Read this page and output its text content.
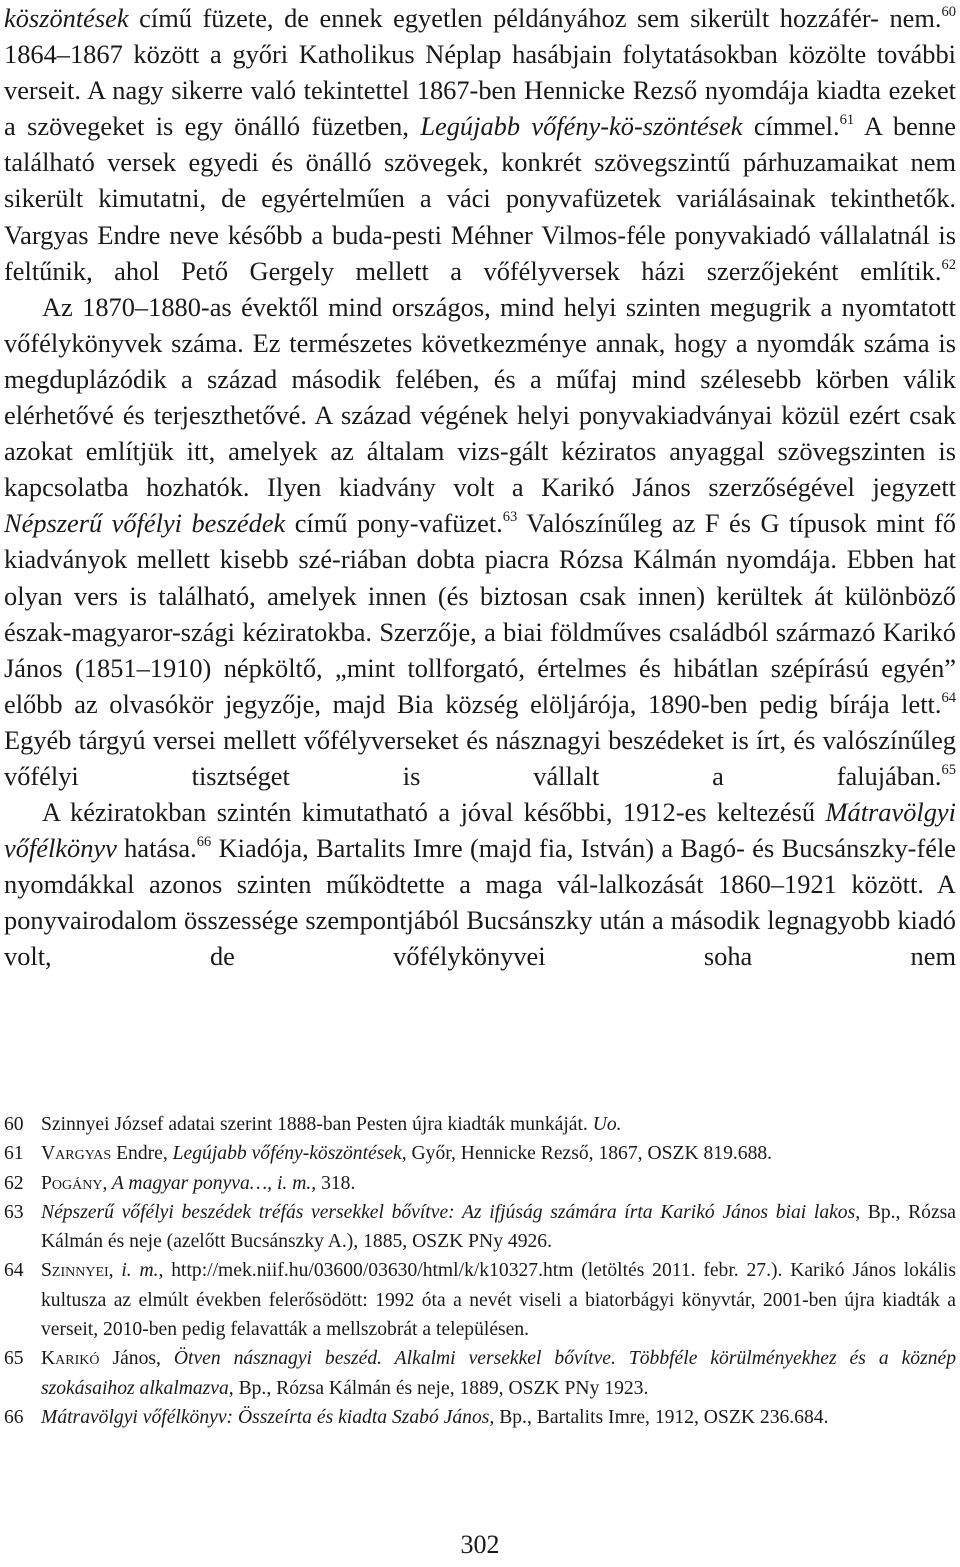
köszöntések című füzete, de ennek egyetlen példányához sem sikerült hozzáfér- nem.$^{60}$ 1864–1867 között a győri Katholikus Néplap hasábjain folytatásokban közölte további verseit. A nagy sikerre való tekintettel 1867-ben Hennicke Rezső nyomdája kiadta ezeket a szövegeket is egy önálló füzetben, Legújabb vőfény-kö-szöntések címmel.$^{61}$ A benne található versek egyedi és önálló szövegek, konkrét szövegszintű párhuzamaikat nem sikerült kimutatni, de egyértelműen a váci ponyvafüzetek variálásainak tekinthetők. Vargyas Endre neve később a buda-pesti Méhner Vilmos-féle ponyvakiadó vállalatnál is feltűnik, ahol Pető Gergely mellett a vőfélyversek házi szerzőjeként említik.$^{62}$

Az 1870–1880-as évektől mind országos, mind helyi szinten megugrik a nyomtatott vőfélykönyvek száma. Ez természetes következménye annak, hogy a nyomdák száma is megduplázódik a század második felében, és a műfaj mind szélesebb körben válik elérhetővé és terjeszthetővé. A század végének helyi ponyvakiadványai közül ezért csak azokat említjük itt, amelyek az általam vizs-gált kéziratos anyaggal szövegszinten is kapcsolatba hozhatók. Ilyen kiadvány volt a Karikó János szerzőségével jegyzett Népszerű vőfélyi beszédek című pony-vafüzet.$^{63}$ Valószínűleg az F és G típusok mint fő kiadványok mellett kisebb szé-riában dobta piacra Rózsa Kálmán nyomdája. Ebben hat olyan vers is található, amelyek innen (és biztosan csak innen) kerültek át különböző észak-magyaror-szági kéziratokba. Szerzője, a biai földműves családból származó Karikó János (1851–1910) népköltő, „mint tollforgató, értelmes és hibátlan szépírású egyén” előbb az olvasókör jegyzője, majd Bia község elöljárója, 1890-ben pedig bírája lett.$^{64}$ Egyéb tárgyú versei mellett vőfélyverseket és násznagyi beszédeket is írt, és valószínűleg vőfélyi tisztséget is vállalt a falujában.$^{65}$

A kéziratokban szintén kimutatható a jóval későbbi, 1912-es keltezésű Mátravölgyi vőfélkönyv hatása.$^{66}$ Kiadója, Bartalits Imre (majd fia, István) a Bagó- és Bucsánszky-féle nyomdákkal azonos szinten működtette a maga vál-lalkozását 1860–1921 között. A ponyvairodalom összessége szempontjából Bucsánszky után a második legnagyobb kiadó volt, de vőfélykönyvei soha nem

60 Szinnyei József adatai szerint 1888-ban Pesten újra kiadták munkáját. Uo.
61 Vargyas Endre, Legújabb vőfény-köszöntések, Győr, Hennicke Rezső, 1867, OSZK 819.688.
62 Pogány, A magyar ponyva…, i. m., 318.
63 Népszerű vőfélyi beszédek tréfás versekkel bővítve: Az ifjúság számára írta Karikó János biai lakos, Bp., Rózsa Kálmán és neje (azelőtt Bucsánszky A.), 1885, OSZK PNy 4926.
64 Szinnyei, i. m., http://mek.niif.hu/03600/03630/html/k/k10327.htm (letöltés 2011. febr. 27.). Karikó János lokális kultusza az elmúlt években felerősödött: 1992 óta a nevét viseli a biatorbágyi könyvtár, 2001-ben újra kiadták a verseit, 2010-ben pedig felavatták a mellszobrát a településen.
65 Karikó János, Ötven násznagyi beszéd. Alkalmi versekkel bővítve. Többféle körülményekhez és a köznép szokásaihoz alkalmazva, Bp., Rózsa Kálmán és neje, 1889, OSZK PNy 1923.
66 Mátravölgyi vőfélkönyv: Összeírta és kiadta Szabó János, Bp., Bartalits Imre, 1912, OSZK 236.684.
302
